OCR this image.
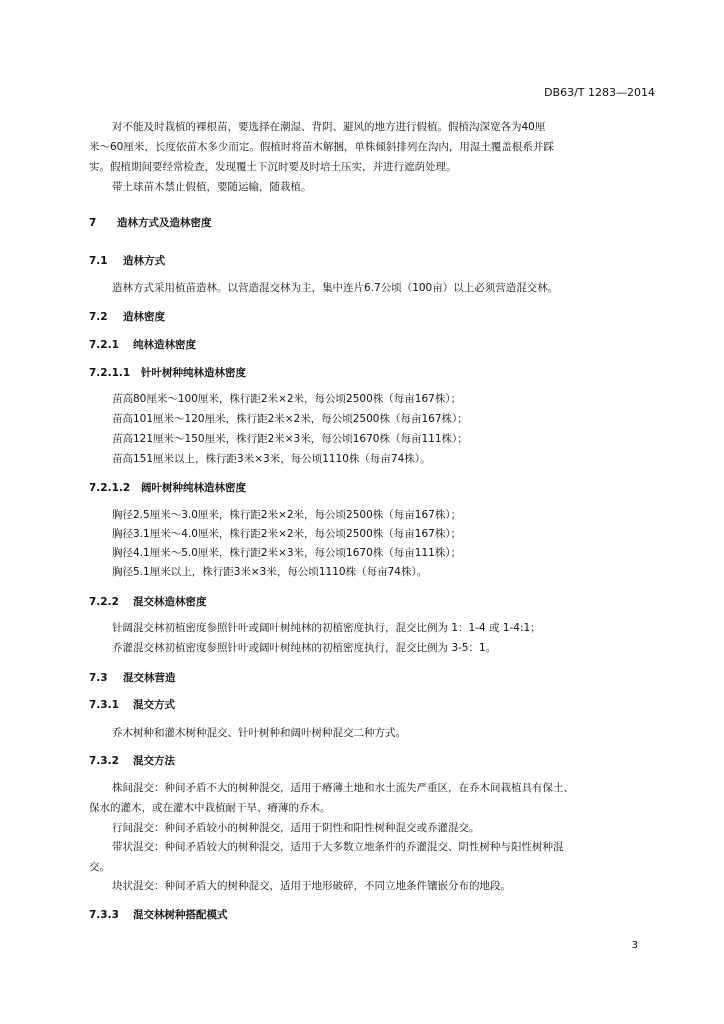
DB63/T 1283—2014
对不能及时栽植的裸根苗，要选择在潮湿、背阴、避风的地方进行假植。假植沟深宽各为40厘
米～60厘米，长度依苗木多少而定。假植时将苗木解捆，单株倾斜排列在沟内，用湿土覆盖根系并踩
实。假植期间要经常检查，发现覆土下沉时要及时培土压实，并进行遮荫处理。
带土球苗木禁止假植，要随运输，随栽植。
7 造林方式及造林密度
7.1 造林方式
造林方式采用植苗造林。以营造混交林为主，集中连片6.7公顷（100亩）以上必须营造混交林。
7.2 造林密度
7.2.1 纯林造林密度
7.2.1.1 针叶树种纯林造林密度
苗高80厘米～100厘米，株行距2米×2米，每公顷2500株（每亩167株）；
苗高101厘米～120厘米，株行距2米×2米，每公顷2500株（每亩167株）；
苗高121厘米～150厘米，株行距2米×3米，每公顷1670株（每亩111株）；
苗高151厘米以上，株行距3米×3米，每公顷1110株（每亩74株）。
7.2.1.2 阔叶树种纯林造林密度
胸径2.5厘米～3.0厘米，株行距2米×2米，每公顷2500株（每亩167株）；
胸径3.1厘米～4.0厘米，株行距2米×2米，每公顷2500株（每亩167株）；
胸径4.1厘米～5.0厘米，株行距2米×3米，每公顷1670株（每亩111株）；
胸径5.1厘米以上，株行距3米×3米，每公顷1110株（每亩74株）。
7.2.2 混交林造林密度
针阔混交林初植密度参照针叶或阔叶树纯林的初植密度执行，混交比例为 1：1-4 或 1-4:1；
乔灌混交林初植密度参照针叶或阔叶树纯林的初植密度执行，混交比例为 3-5：1。
7.3 混交林营造
7.3.1 混交方式
乔木树种和灌木树种混交、针叶树种和阔叶树种混交二种方式。
7.3.2 混交方法
株间混交：种间矛盾不大的树种混交，适用于瘠薄土地和水土流失严重区，在乔木间栽植具有保土、
保水的灌木，或在灌木中栽植耐干旱、瘠薄的乔木。
行间混交：种间矛盾较小的树种混交，适用于阴性和阳性树种混交或乔灌混交。
带状混交：种间矛盾较大的树种混交，适用于大多数立地条件的乔灌混交、阴性树种与阳性树种混
交。
块状混交：种间矛盾大的树种混交，适用于地形破碎，不同立地条件镶嵌分布的地段。
7.3.3 混交林树种搭配模式
3
